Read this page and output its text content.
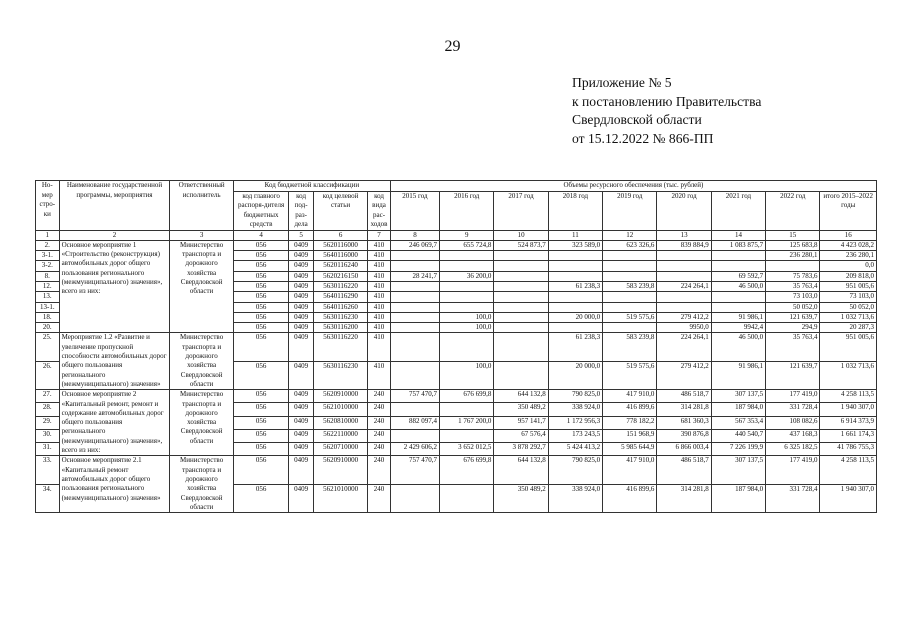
29
Приложение № 5
к постановлению Правительства
Свердловской области
от 15.12.2022 № 866-ПП
Но-мер стро-ки	Наименование государственной программы, мероприятия	Ответственный исполнитель	Код бюджетной классификации				Объемы ресурсного обеспечения (тыс. рублей)								
			код главного распоря-дителя бюджетных средств	код под-раз-дела	код целевой статьи	код вида рас-ходов	2015 год	2016 год	2017 год	2018 год	2019 год	2020 год	2021 год	2022 год	итого 2015–2022 годы
1	2	3	4	5	6	7	8	9	10	11	12	13	14	15	16
2.	Основное мероприятие 1 «Строительство (реконструкция) автомобильных дорог общего пользования регионального (межмуниципального) значения», всего из них:	Министерство транспорта и дорожного хозяйства Свердловской области	056	0409	5620116000	410	246 069,7	655 724,8	524 873,7	323 589,0	623 326,6	839 884,9	1 083 875,7	125 683,8	4 423 028,2
3-1.			056	0409	5640116000	410								236 280,1	236 280,1
3-2.			056	0409	5620116240	410									0,0
8.			056	0409	5620216150	410	28 241,7	36 200,0					69 592,7	75 783,6	209 818,0
12.			056	0409	5630116220	410				61 238,3	583 239,8	224 264,1	46 500,0	35 763,4	951 005,6
13.			056	0409	5640116290	410								73 103,0	73 103,0
13-1.			056	0409	5640116260	410								50 052,0	50 052,0
18.			056	0409	5630116230	410		100,0		20 000,0	519 575,6	279 412,2	91 986,1	121 639,7	1 032 713,6
20.			056	0409	5630116200	410		100,0				9950,0	9942,4	294,9	20 287,3
25.	Мероприятие 1.2 «Развитие и увеличение пропускной способности автомобильных дорог общего пользования регионального (межмуниципального) значения»	Министерство транспорта и дорожного хозяйства Свердловской области	056	0409	5630116220	410				61 238,3	583 239,8	224 264,1	46 500,0	35 763,4	951 005,6
26.			056	0409	5630116230	410		100,0		20 000,0	519 575,6	279 412,2	91 986,1	121 639,7	1 032 713,6
27.	Основное мероприятие 2 «Капитальный ремонт, ремонт и содержание автомобильных дорог общего пользования регионального (межмуниципального) значения», всего из них:	Министерство транспорта и дорожного хозяйства Свердловской области	056	0409	5620910000	240	757 470,7	676 699,8	644 132,8	790 825,0	417 910,0	486 518,7	307 137,5	177 419,0	4 258 113,5
28.			056	0409	5621010000	240			350 489,2	338 924,0	416 899,6	314 281,8	187 984,0	331 728,4	1 940 307,0
29.			056	0409	5620810000	240	882 097,4	1 767 200,0	957 141,7	1 172 956,3	778 182,2	681 360,3	567 353,4	108 082,6	6 914 373,9
30.			056	0409	5622110000	240			67 576,4	173 243,5	151 968,9	390 876,8	440 540,7	437 168,3	1 661 174,3
31.			056	0409	5620710000	240	2 429 606,2	3 652 012,5	3 878 292,7	5 424 413,2	5 985 644,9	6 866 003,4	7 226 199,9	6 325 182,5	41 786 755,3
33.	Основное мероприятие 2.1 «Капитальный ремонт автомобильных дорог общего пользования регионального (межмуниципального) значения»	Министерство транспорта и дорожного хозяйства Свердловской области	056	0409	5620910000	240	757 470,7	676 699,8	644 132,8	790 825,0	417 910,0	486 518,7	307 137,5	177 419,0	4 258 113,5
34.			056	0409	5621010000	240			350 489,2	338 924,0	416 899,6	314 281,8	187 984,0	331 728,4	1 940 307,0
